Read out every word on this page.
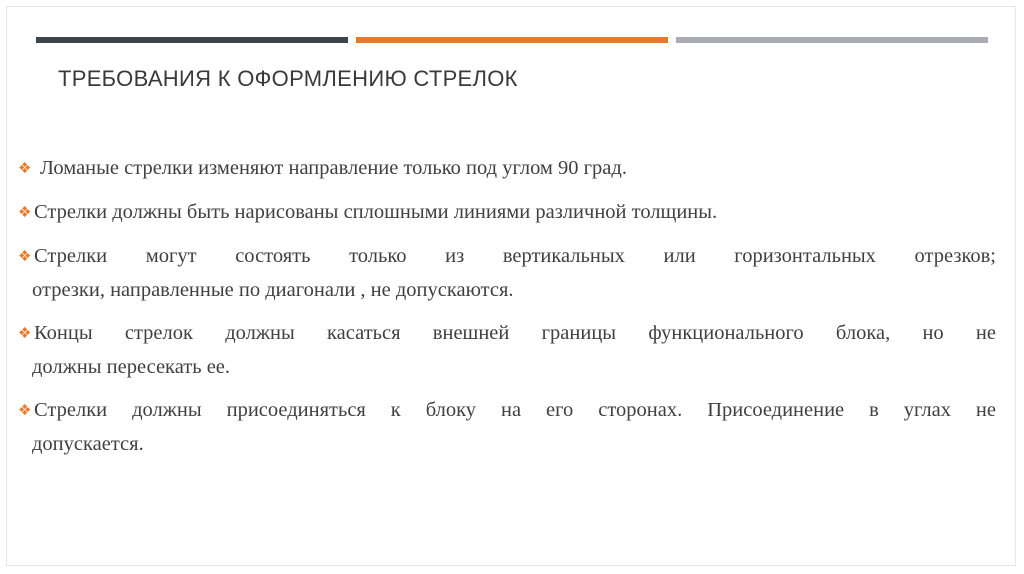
ТРЕБОВАНИЯ К ОФОРМЛЕНИЮ СТРЕЛОК
❖ Ломаные стрелки изменяют направление только под углом 90 град.
❖ Стрелки должны быть нарисованы сплошными линиями различной толщины.
❖ Стрелки могут состоять только из вертикальных или горизонтальных отрезков;
отрезки, направленные по диагонали , не допускаются.
❖ Концы стрелок должны касаться внешней границы функционального блока, но не
должны пересекать ее.
❖ Стрелки должны присоединяться к блоку на его сторонах. Присоединение в углах не
допускается.
